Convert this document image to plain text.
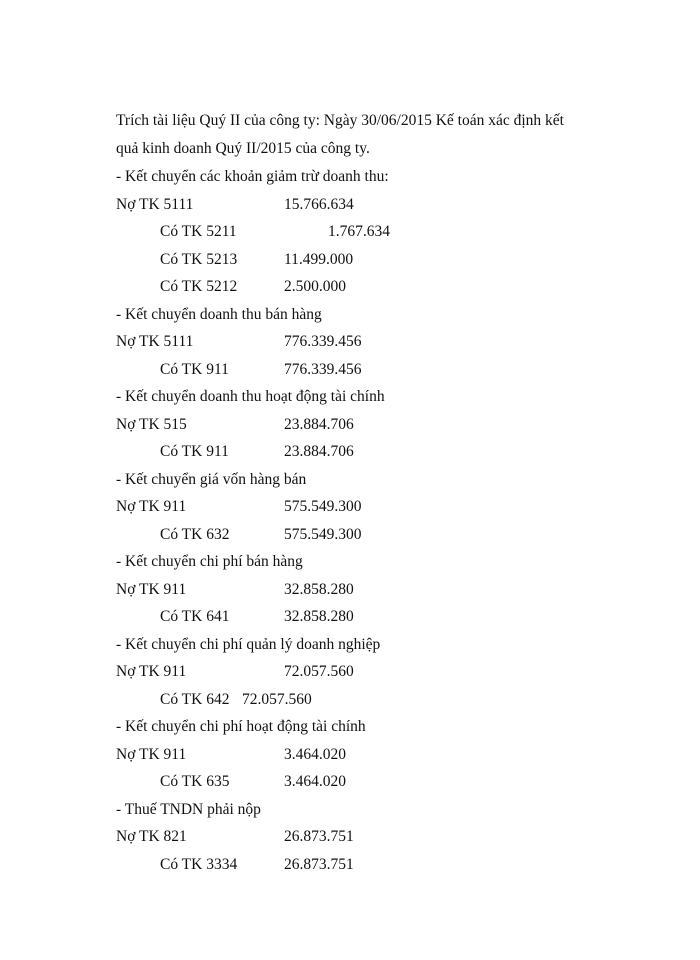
Trích tài liệu Quý II của công ty: Ngày 30/06/2015 Kế toán xác định kết
quả kinh doanh Quý II/2015 của công ty.
- Kết chuyển các khoản giảm trừ doanh thu:
Nợ TK 5111	15.766.634
Có TK 5211	1.767.634
Có TK 5213	11.499.000
Có TK 5212	2.500.000
- Kết chuyển doanh thu bán hàng
Nợ TK 5111	776.339.456
Có TK 911	776.339.456
- Kết chuyển doanh thu hoạt động tài chính
Nợ TK 515	23.884.706
Có TK 911	23.884.706
- Kết chuyển giá vốn hàng bán
Nợ TK 911	575.549.300
Có TK 632	575.549.300
- Kết chuyển chi phí bán hàng
Nợ TK 911	32.858.280
Có TK 641	32.858.280
- Kết chuyển chi phí quản lý doanh nghiệp
Nợ TK 911	72.057.560
Có TK 642 72.057.560
- Kết chuyển chi phí hoạt động tài chính
Nợ TK 911	3.464.020
Có TK 635	3.464.020
- Thuế TNDN phải nộp
Nợ TK 821	26.873.751
Có TK 3334	26.873.751
